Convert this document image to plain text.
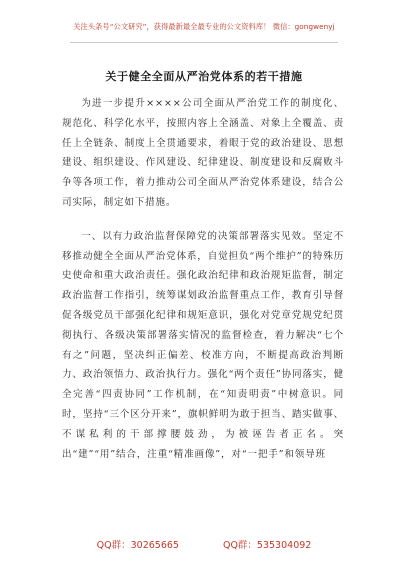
关注头条号“公文研究”，获得最新最全最专业的公文资料库！ 微信：gongwenyj
关于健全全面从严治党体系的若干措施

为进一步提升××××公司全面从严治党工作的制度化、规范化、科学化水平，按照内容上全涵盖、对象上全覆盖、责任上全链条、制度上全贯通要求，着眼于党的政治建设、思想建设、组织建设、作风建设、纪律建设、制度建设和反腐败斗争等各项工作，着力推动公司全面从严治党体系建设，结合公司实际，制定如下措施。

一、以有力政治监督保障党的决策部署落实见效。坚定不移推动健全全面从严治党体系，自觉担负“两个维护”的特殊历史使命和重大政治责任。强化政治纪律和政治规矩监督，制定政治监督工作指引，统筹谋划政治监督重点工作，教育引导督促各级党员干部强化纪律和规矩意识，强化对党章党规党纪贯彻执行、各级决策部署落实情况的监督检查，着力解决“七个有之”问题，坚决纠正偏差、校准方向，不断提高政治判断力、政治领悟力、政治执行力。强化“两个责任”协同落实，健全完善“四责协同”工作机制，在“知责明责”中树意识。同时，坚持“三个区分开来”，旗帜鲜明为敢于担当、踏实做事、不谋私利的干部撑腰鼓劲，为被诬告者正名。突出“建”“用”结合，注重“精准画像”，对“一把手”和领导班

QQ群：30265665	QQ群：535304092
